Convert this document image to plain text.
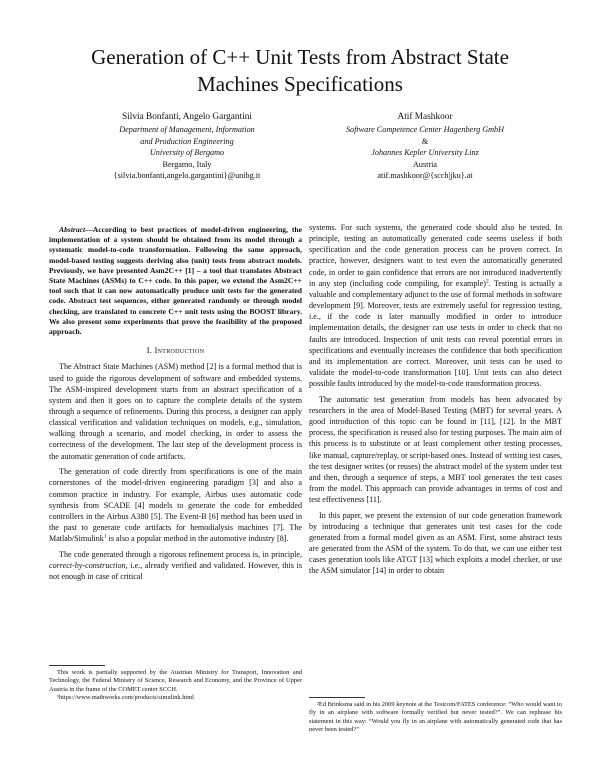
Generation of C++ Unit Tests from Abstract State
Machines Specifications
Silvia Bonfanti, Angelo Gargantini
Department of Management, Information
and Production Engineering
University of Bergamo
Bergamo, Italy
{silvia.bonfanti,angelo.gargantini}@unibg.it
Atif Mashkoor
Software Competence Center Hagenberg GmbH
&
Johannes Kepler University Linz
Austria
atif.mashkoor@{scch|jku}.at

Abstract—According to best practices of model-driven engineering, the implementation of a system should be obtained from its model through a systematic model-to-code transformation. Following the same approach, model-based testing suggests deriving also (unit) tests from abstract models. Previously, we have presented Asm2C++ [1] – a tool that translates Abstract State Machines (ASMs) to C++ code. In this paper, we extend the Asm2C++ tool such that it can now automatically produce unit tests for the generated code. Abstract test sequences, either generated randomly or through model checking, are translated to concrete C++ unit tests using the BOOST library. We also present some experiments that prove the feasibility of the proposed approach.

I. Introduction

The Abstract State Machines (ASM) method [2] is a formal method that is used to guide the rigorous development of software and embedded systems. The ASM-inspired development starts from an abstract specification of a system and then it goes on to capture the complete details of the system through a sequence of refinements. During this process, a designer can apply classical verification and validation techniques on models, e.g., simulation, walking through a scenario, and model checking, in order to assess the correctness of the development. The last step of the development process is the automatic generation of code artifacts.

The generation of code directly from specifications is one of the main cornerstones of the model-driven engineering paradigm [3] and also a common practice in industry. For example, Airbus uses automatic code synthesis from SCADE [4] models to generate the code for embedded controllers in the Airbus A380 [5]. The Event-B [6] method has been used in the past to generate code artifacts for hemodialysis machines [7]. The Matlab/Simulink$^1$ is also a popular method in the automotive industry [8].

The code generated through a rigorous refinement process is, in principle, correct-by-construction, i.e., already verified and validated. However, this is not enough in case of critical

This work is partially supported by the Austrian Ministry for Transport, Innovation and Technology, the Federal Ministry of Science, Research and Economy, and the Province of Upper Austria in the frame of the COMET center SCCH.

¹https://www.mathworks.com/products/simulink.html

systems. For such systems, the generated code should also be tested. In principle, testing an automatically generated code seems useless if both specification and the code generation process can be proven correct. In practice, however, designers want to test even the automatically generated code, in order to gain confidence that errors are not introduced inadvertently in any step (including code compiling, for example)$^2$. Testing is actually a valuable and complementary adjunct to the use of formal methods in software development [9]. Moreover, tests are extremely useful for regression testing, i.e., if the code is later manually modified in order to introduce implementation details, the designer can use tests in order to check that no faults are introduced. Inspection of unit tests can reveal potential errors in specifications and eventually increases the confidence that both specification and its implementation are correct. Moreover, unit tests can be used to validate the model-to-code transformation [10]. Unit tests can also detect possible faults introduced by the model-to-code transformation process.

The automatic test generation from models has been advocated by researchers in the area of Model-Based Testing (MBT) for several years. A good introduction of this topic can be found in [11], [12]. In the MBT process, the specification is reused also for testing purposes. The main aim of this process is to substitute or at least complement other testing processes, like manual, capture/replay, or script-based ones. Instead of writing test cases, the test designer writes (or reuses) the abstract model of the system under test and then, through a sequence of steps, a MBT tool generates the test cases from the model. This approach can provide advantages in terms of cost and test effectiveness [11].

In this paper, we present the extension of our code generation framework by introducing a technique that generates unit test cases for the code generated from a formal model given as an ASM. First, some abstract tests are generated from the ASM of the system. To do that, we can use either test cases generation tools like ATGT [13] which exploits a model checker, or use the ASM simulator [14] in order to obtain

²Ed Brinksma said in his 2009 keynote at the Testcom/FATES conference: “Who would want to fly in an airplane with software formally verified but never tested?”. We can rephrase his statement in this way: “Would you fly in an airplane with automatically generated code that has never been tested?”
